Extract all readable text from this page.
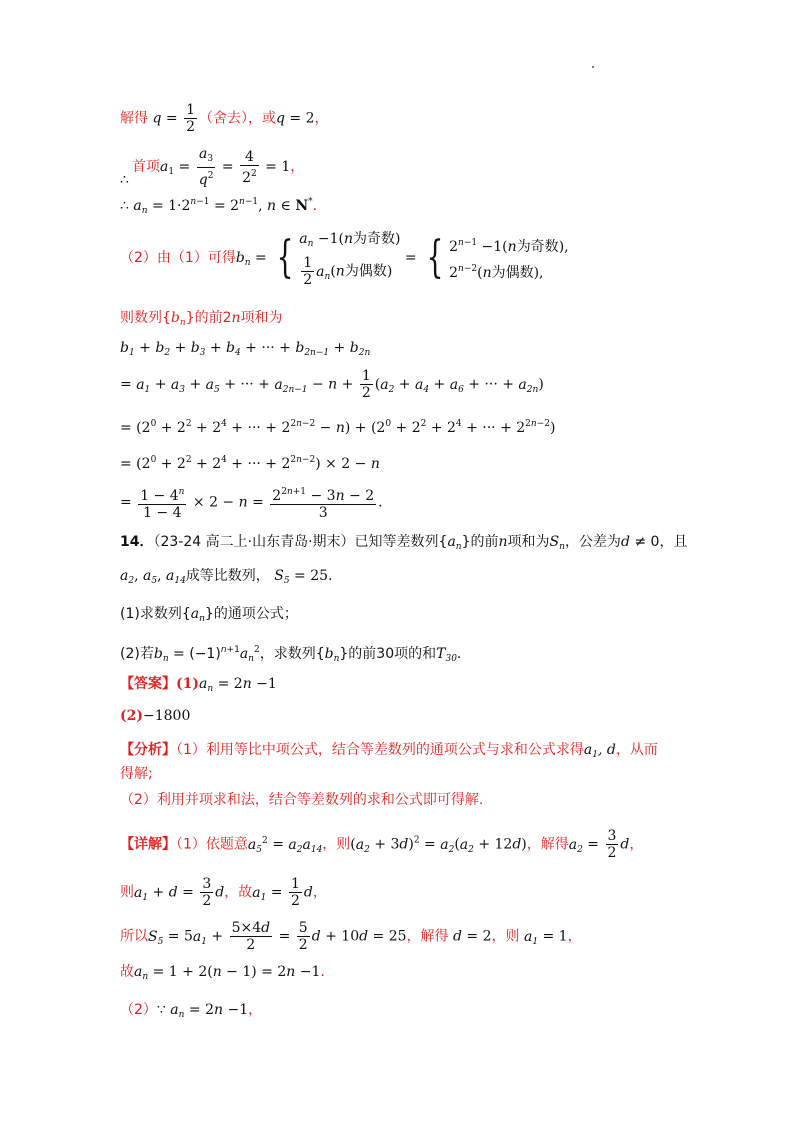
解得 $q = \frac{1}{2}$ （舍去），或q = 2，
首项$a_1 = \frac{a_3}{q^2} = \frac{4}{2^2} = 1$，
∴
∴ $a_n = 1\cdot 2^{n-1} = 2^{n-1}$, n ∈ N*.
（2）由（1）可得$b_n$ = { $a_n -1(n$为奇数)
$\frac{1}{2} a_n(n$为偶数)
= { $2^{n-1} -1(n$为奇数),
$2^{n-2}(n$为偶数),
则数列$\{b_n\}$的前2n项和为
$b_1 + b_2 + b_3 + b_4$ + ··· + $b_{2n-1} + b_{2n}$
= $a_1 + a_3 + a_5$ + ··· + $a_{2n-1} - n + \frac{1}{2} (a_2 + a_4 + a_6$ + ··· + $a_{2n}$)
= ($2^0 + 2^2 + 2^4$ + ··· + $2^{2n-2} - n) + (2^0 + 2^2 + 2^4$ + ··· + $2^{2n-2}$)
= ($2^0 + 2^2 + 2^4$ + ··· + $2^{2n-2}) \times 2 - n$
= $\frac{1 - 4^n}{1 - 4} \times 2 - n = \frac{2^{2n+1} - 3n - 2}{3}$ .
14．（23-24 高二上·山东青岛·期末）已知等差数列$\{a_n\}$的前n项和为$S_n$，公差为d ≠ 0，且
$a_2$, $a_5$, $a_{14}$成等比数列， $S_5 = 25$.
(1)求数列$\{a_n\}$的通项公式；
(2)若$b_n = (-1)^{n+1}a_n^2$，求数列$\{b_n\}$的前30项的和$T_{30}$.
【答案】$(1)a_n = 2n -1$
(2)−1800
【分析】（1）利用等比中项公式，结合等差数列的通项公式与求和公式求得$a_1$, d，从而
得解;
（2）利用并项求和法，结合等差数列的求和公式即可得解.
【详解】（1）依题意$a_5^2 = a_2a_{14}$，则$(a_2 + 3d)^2 = a_2(a_2 + 12d)$，解得$a_2 = \frac{3}{2}$ d，
则$a_1 + d = \frac{3}{2}$ d，故$a_1 = \frac{1}{2}$ d，
所以$S_5 = 5a_1 + \frac{5\times 4d}{2} = \frac{5}{2}$ d + 10d = 25，解得 d = 2，则 $a_1 = 1$，
故$a_n = 1 + 2(n - 1) = 2n -1$.
（2）∵ $a_n = 2n -1$，
